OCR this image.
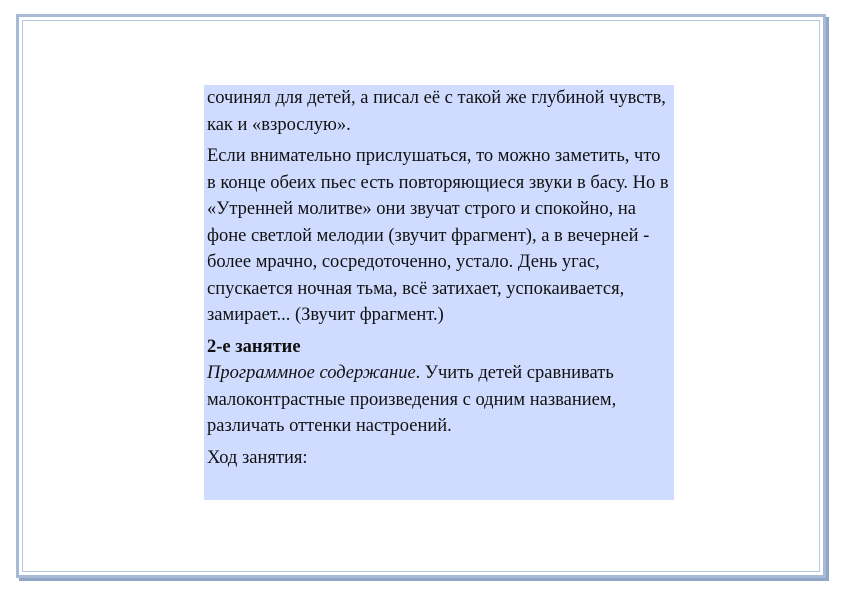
сочинял для детей, а писал её с такой же глубиной чувств, как и «взрослую».

Если внимательно прислушаться, то можно заметить, что в конце обеих пьес есть повторяющиеся звуки в басу. Но в «Утренней молитве» они звучат строго и спокойно, на фоне светлой мелодии (звучит фрагмент), а в вечерней - более мрачно, сосредоточенно, устало. День угас, спускается ночная тьма, всё затихает, успокаивается, замирает... (Звучит фрагмент.)

2-е занятие

Программное содержание. Учить детей сравнивать малоконтрастные произведения с одним названием, различать оттенки настроений.

Ход занятия:
